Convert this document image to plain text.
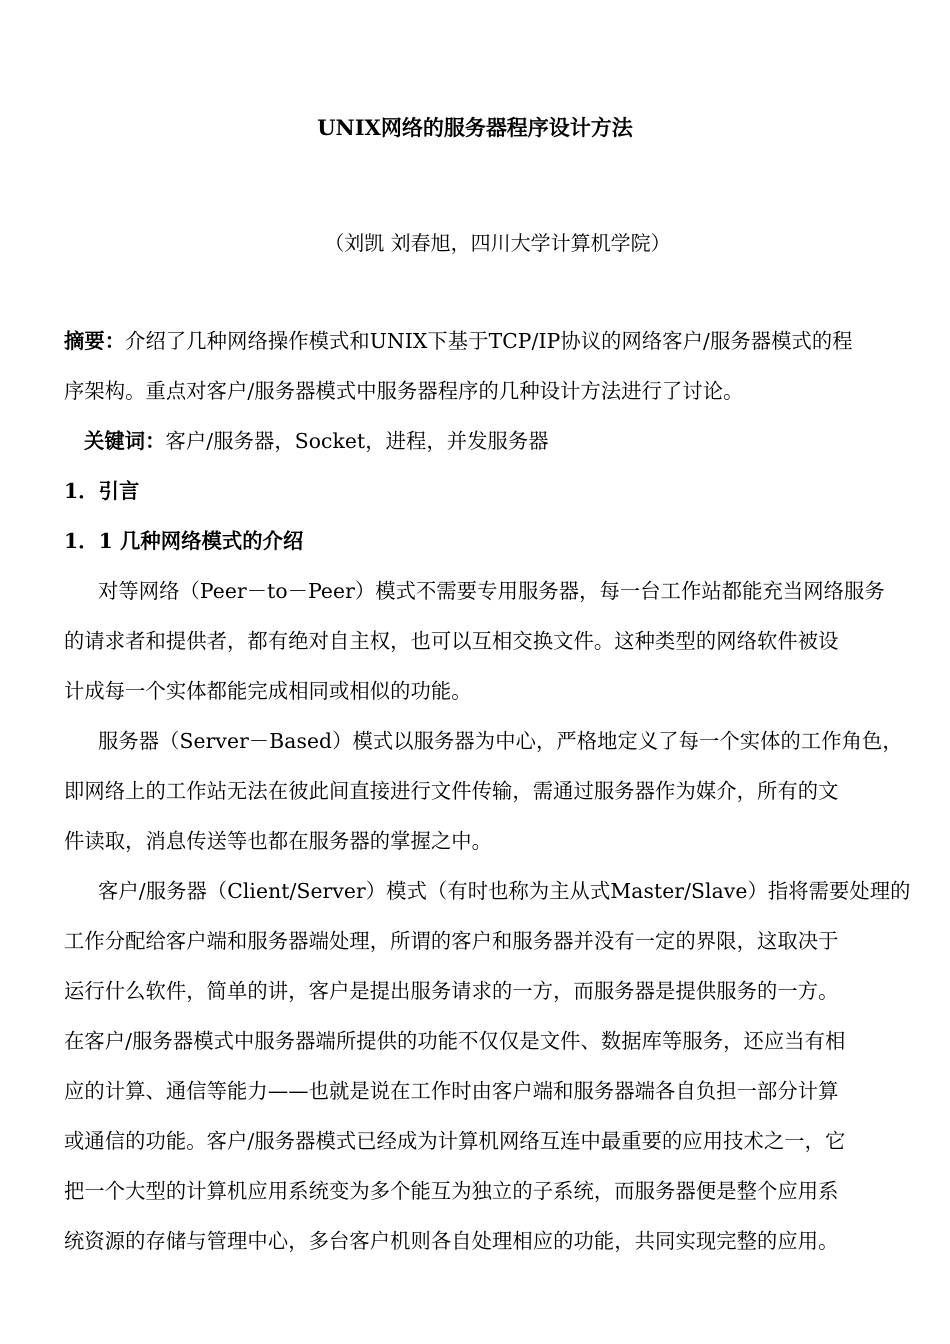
UNIX网络的服务器程序设计方法
（刘凯 刘春旭，四川大学计算机学院）
摘要：介绍了几种网络操作模式和UNIX下基于TCP/IP协议的网络客户/服务器模式的程
序架构。重点对客户/服务器模式中服务器程序的几种设计方法进行了讨论。
关键词：客户/服务器，Socket，进程，并发服务器
1．引言
1．1 几种网络模式的介绍
对等网络（Peer－to－Peer）模式不需要专用服务器，每一台工作站都能充当网络服务
的请求者和提供者，都有绝对自主权，也可以互相交换文件。这种类型的网络软件被设
计成每一个实体都能完成相同或相似的功能。
服务器（Server－Based）模式以服务器为中心，严格地定义了每一个实体的工作角色，
即网络上的工作站无法在彼此间直接进行文件传输，需通过服务器作为媒介，所有的文
件读取，消息传送等也都在服务器的掌握之中。
客户/服务器（Client/Server）模式（有时也称为主从式Master/Slave）指将需要处理的
工作分配给客户端和服务器端处理，所谓的客户和服务器并没有一定的界限，这取决于
运行什么软件，简单的讲，客户是提出服务请求的一方，而服务器是提供服务的一方。
在客户/服务器模式中服务器端所提供的功能不仅仅是文件、数据库等服务，还应当有相
应的计算、通信等能力——也就是说在工作时由客户端和服务器端各自负担一部分计算
或通信的功能。客户/服务器模式已经成为计算机网络互连中最重要的应用技术之一，它
把一个大型的计算机应用系统变为多个能互为独立的子系统，而服务器便是整个应用系
统资源的存储与管理中心，多台客户机则各自处理相应的功能，共同实现完整的应用。
